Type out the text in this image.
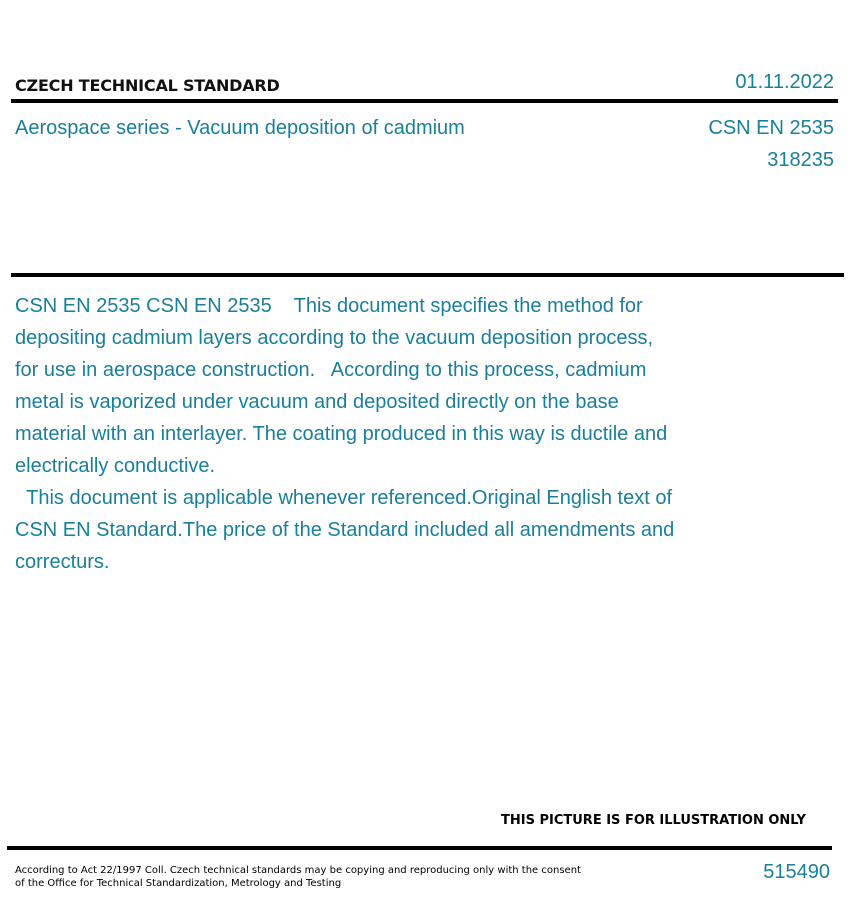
CZECH TECHNICAL STANDARD	01.11.2022
Aerospace series - Vacuum deposition of cadmium	CSN EN 2535
318235
CSN EN 2535 CSN EN 2535    This document specifies the method for depositing cadmium layers according to the vacuum deposition process, for use in aerospace construction.   According to this process, cadmium metal is vaporized under vacuum and deposited directly on the base material with an interlayer. The coating produced in this way is ductile and electrically conductive.
This document is applicable whenever referenced.Original English text of CSN EN Standard.The price of the Standard included all amendments and correcturs.
THIS PICTURE IS FOR ILLUSTRATION ONLY
According to Act 22/1997 Coll. Czech technical standards may be copying and reproducing only with the consent of the Office for Technical Standardization, Metrology and Testing
515490
